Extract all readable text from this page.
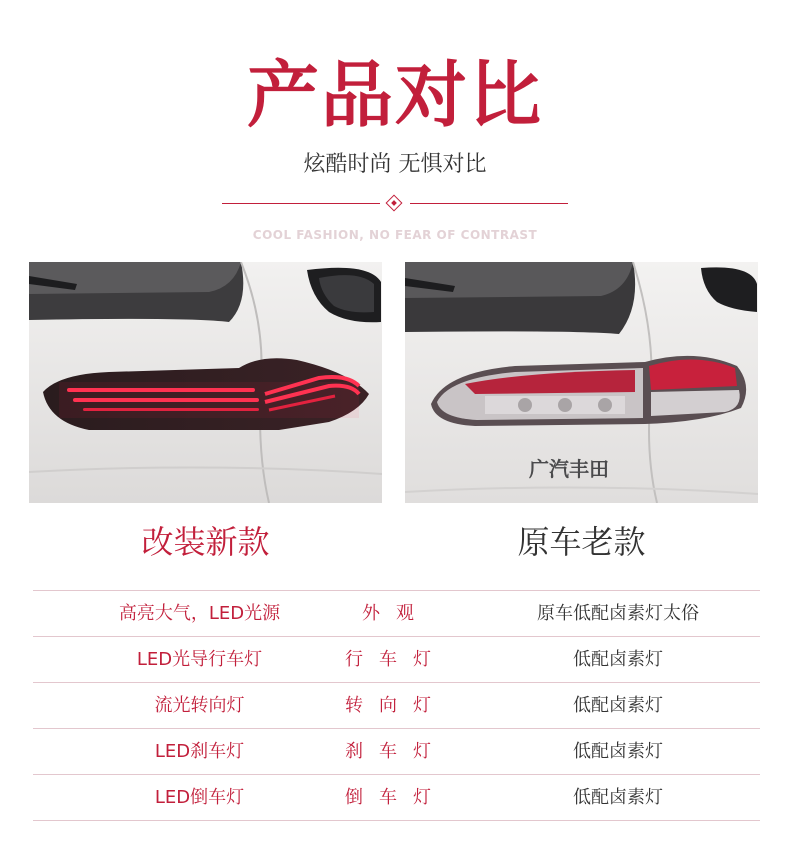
产品对比
炫酷时尚 无惧对比
COOL FASHION, NO FEAR OF CONTRAST
广汽丰田
改装新款	原车老款
高亮大气，LED光源	外观	原车低配卤素灯太俗
LED光导行车灯	行车灯	低配卤素灯
流光转向灯	转向灯	低配卤素灯
LED刹车灯	刹车灯	低配卤素灯
LED倒车灯	倒车灯	低配卤素灯
